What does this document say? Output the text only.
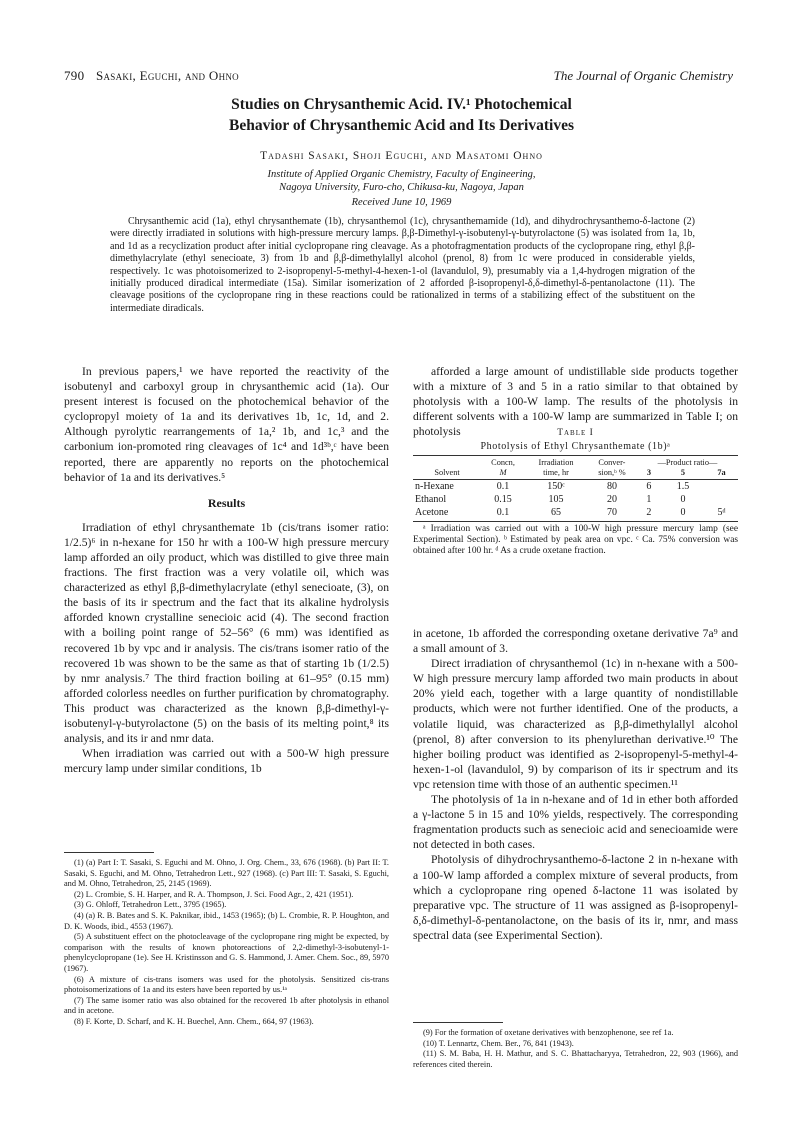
790 Sasaki, Eguchi, and Ohno	The Journal of Organic Chemistry
Studies on Chrysanthemic Acid. IV.¹ Photochemical
Behavior of Chrysanthemic Acid and Its Derivatives
Tadashi Sasaki, Shoji Eguchi, and Masatomi Ohno
Institute of Applied Organic Chemistry, Faculty of Engineering,
Nagoya University, Furo-cho, Chikusa-ku, Nagoya, Japan
Received June 10, 1969

Chrysanthemic acid (1a), ethyl chrysanthemate (1b), chrysanthemol (1c), chrysanthemamide (1d), and dihydrochrysanthemo-δ-lactone (2) were directly irradiated in solutions with high-pressure mercury lamps. β,β-Dimethyl-γ-isobutenyl-γ-butyrolactone (5) was isolated from 1a, 1b, and 1d as a recyclization product after initial cyclopropane ring cleavage. As a photofragmentation products of the cyclopropane ring, ethyl β,β-dimethylacrylate (ethyl senecioate, 3) from 1b and β,β-dimethylallyl alcohol (prenol, 8) from 1c were produced in considerable yields, respectively. 1c was photoisomerized to 2-isopropenyl-5-methyl-4-hexen-1-ol (lavandulol, 9), presumably via a 1,4-hydrogen migration of the initially produced diradical intermediate (15a). Similar isomerization of 2 afforded β-isopropenyl-δ,δ-dimethyl-δ-pentanolactone (11). The cleavage positions of the cyclopropane ring in these reactions could be rationalized in terms of a stabilizing effect of the substituent on the intermediate diradicals.

In previous papers,¹ we have reported the reactivity of the isobutenyl and carboxyl group in chrysanthemic acid (1a). Our present interest is focused on the photochemical behavior of the cyclopropyl moiety of 1a and its derivatives 1b, 1c, 1d, and 2. Although pyrolytic rearrangements of 1a,² 1b, and 1c,³ and the carbonium ion-promoted ring cleavages of 1c⁴ and 1d³ᵇ,ᶜ have been reported, there are apparently no reports on the photochemical behavior of 1a and its derivatives.⁵

Results

Irradiation of ethyl chrysanthemate 1b (cis/trans isomer ratio: 1/2.5)⁶ in n-hexane for 150 hr with a 100-W high pressure mercury lamp afforded an oily product, which was distilled to give three main fractions. The first fraction was a very volatile oil, which was characterized as ethyl β,β-dimethylacrylate (ethyl senecioate, (3), on the basis of its ir spectrum and the fact that its alkaline hydrolysis afforded known crystalline senecioic acid (4). The second fraction with a boiling point range of 52–56° (6 mm) was identified as recovered 1b by vpc and ir analysis. The cis/trans isomer ratio of the recovered 1b was shown to be the same as that of starting 1b (1/2.5) by nmr analysis.⁷ The third fraction boiling at 61–95° (0.15 mm) afforded colorless needles on further purification by chromatography. This product was characterized as the known β,β-dimethyl-γ-isobutenyl-γ-butyrolactone (5) on the basis of its melting point,⁸ its analysis, and its ir and nmr data.

When irradiation was carried out with a 500-W high pressure mercury lamp under similar conditions, 1b

(1) (a) Part I: T. Sasaki, S. Eguchi and M. Ohno, J. Org. Chem., 33, 676 (1968). (b) Part II: T. Sasaki, S. Eguchi, and M. Ohno, Tetrahedron Lett., 927 (1968). (c) Part III: T. Sasaki, S. Eguchi, and M. Ohno, Tetrahedron, 25, 2145 (1969).
(2) L. Crombie, S. H. Harper, and R. A. Thompson, J. Sci. Food Agr., 2, 421 (1951).
(3) G. Ohloff, Tetrahedron Lett., 3795 (1965).
(4) (a) R. B. Bates and S. K. Paknikar, ibid., 1453 (1965); (b) L. Crombie, R. P. Houghton, and D. K. Woods, ibid., 4553 (1967).
(5) A substituent effect on the photocleavage of the cyclopropane ring might be expected, by comparison with the results of known photoreactions of 2,2-dimethyl-3-isobutenyl-1-phenylcyclopropane (1e). See H. Kristinsson and G. S. Hammond, J. Amer. Chem. Soc., 89, 5970 (1967).
(6) A mixture of cis-trans isomers was used for the photolysis. Sensitized cis-trans photoisomerizations of 1a and its esters have been reported by us.¹ᵃ
(7) The same isomer ratio was also obtained for the recovered 1b after photolysis in ethanol and in acetone.
(8) F. Korte, D. Scharf, and K. H. Buechel, Ann. Chem., 664, 97 (1963).

afforded a large amount of undistillable side products together with a mixture of 3 and 5 in a ratio similar to that obtained by photolysis with a 100-W lamp. The results of the photolysis in different solvents with a 100-W lamp are summarized in Table I; on photolysis	Table I
Photolysis of Ethyl Chrysanthemate (1b)ᵃ
	Concn,	Irradiation	Conver-	—Product ratio—		
Solvent	M	time, hr	sion,ᵇ %	3	5	7a

n-Hexane	0.1	150ᶜ	80	6	1.5	
Ethanol	0.15	105	20	1	0	
Acetone	0.1	65	70	2	0	5ᵈ
ᵃ Irradiation was carried out with a 100-W high pressure mercury lamp (see Experimental Section). ᵇ Estimated by peak area on vpc. ᶜ Ca. 75% conversion was obtained after 100 hr. ᵈ As a crude oxetane fraction.

in acetone, 1b afforded the corresponding oxetane derivative 7a⁹ and a small amount of 3.

Direct irradiation of chrysanthemol (1c) in n-hexane with a 500-W high pressure mercury lamp afforded two main products in about 20% yield each, together with a large quantity of nondistillable products, which were not further identified. One of the products, a volatile liquid, was characterized as β,β-dimethylallyl alcohol (prenol, 8) after conversion to its phenylurethan derivative.¹⁰ The higher boiling product was identified as 2-isopropenyl-5-methyl-4-hexen-1-ol (lavandulol, 9) by comparison of its ir spectrum and its vpc retension time with those of an authentic specimen.¹¹

The photolysis of 1a in n-hexane and of 1d in ether both afforded a γ-lactone 5 in 15 and 10% yields, respectively. The corresponding fragmentation products such as senecioic acid and senecioamide were not detected in both cases.

Photolysis of dihydrochrysanthemo-δ-lactone 2 in n-hexane with a 100-W lamp afforded a complex mixture of several products, from which a cyclopropane ring opened δ-lactone 11 was isolated by preparative vpc. The structure of 11 was assigned as β-isopropenyl-δ,δ-dimethyl-δ-pentanolactone, on the basis of its ir, nmr, and mass spectral data (see Experimental Section).

(9) For the formation of oxetane derivatives with benzophenone, see ref 1a.
(10) T. Lennartz, Chem. Ber., 76, 841 (1943).
(11) S. M. Baba, H. H. Mathur, and S. C. Bhattacharyya, Tetrahedron, 22, 903 (1966), and references cited therein.
